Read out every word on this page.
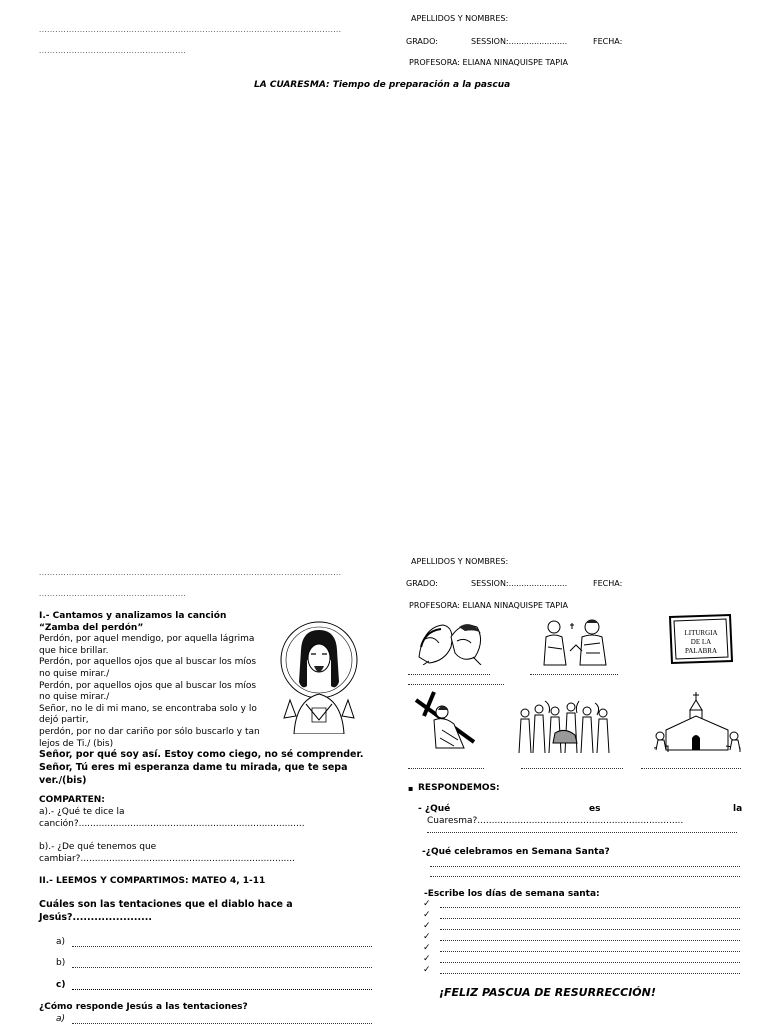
...............................................................................................................
......................................................
APELLIDOS Y NOMBRES:
GRADO:	SESSION:.......................	FECHA:
PROFESORA: ELIANA NINAQUISPE TAPIA
LA CUARESMA: Tiempo de preparación a la pascua
...............................................................................................................
......................................................
APELLIDOS Y NOMBRES:
GRADO:	SESSION:.......................	FECHA:
PROFESORA: ELIANA NINAQUISPE TAPIA

I.- Cantamos y analizamos la canción

“Zamba del perdón”

Perdón, por aquel mendigo, por aquella lágrima que hice brillar.

Perdón, por aquellos ojos que al buscar los míos no quise mirar./

Perdón, por aquellos ojos que al buscar los míos no quise mirar./

Señor, no le di mi mano, se encontraba solo y lo dejó partir,

perdón, por no dar cariño por sólo buscarlo y tan lejos de Ti./ (bis)

Señor, por qué soy así. Estoy como ciego, no sé comprender.
Señor, Tú eres mi esperanza dame tu mirada, que te sepa ver./(bis)
COMPARTEN:
a).- ¿Qué te dice la
canción?...............................................................................
b).- ¿De qué tenemos que
cambiar?...........................................................................
II.- LEEMOS Y COMPARTIMOS: MATEO 4, 1-11
Cuáles son las tentaciones que el diablo hace a Jesús?......................
a)
b)
c)
¿Cómo responde Jesús a las tentaciones?
a)
LITURGIA
DE LA
PALABRA
▪ RESPONDEMOS:
- ¿Qué	es	la
Cuaresma?........................................................................
-¿Qué celebramos en Semana Santa?
-Escribe los días de semana santa:
✓
✓
✓
✓
✓
✓
✓
¡FELIZ PASCUA DE RESURRECCIÓN!
